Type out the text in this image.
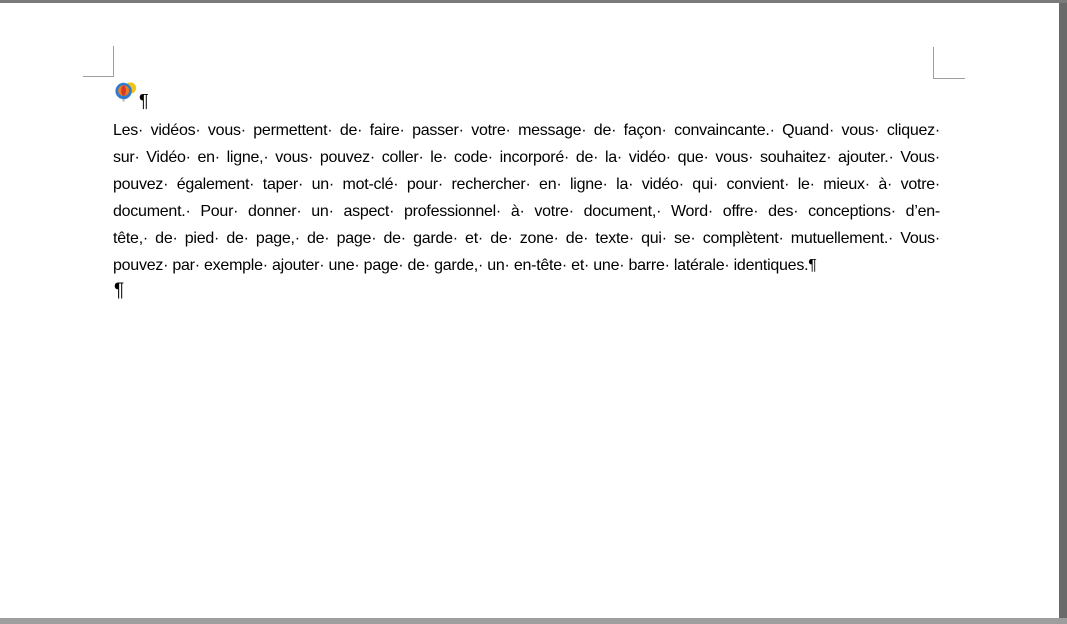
¶
Les· vidéos· vous· permettent· de· faire· passer· votre· message· de· façon· convaincante.· Quand· vous· cliquez·
sur· Vidéo· en· ligne,· vous· pouvez· coller· le· code· incorporé· de· la· vidéo· que· vous· souhaitez· ajouter.· Vous·
pouvez· également· taper· un· mot-clé· pour· rechercher· en· ligne· la· vidéo· qui· convient· le· mieux· à· votre·
document.· Pour· donner· un· aspect· professionnel· à· votre· document,· Word· offre· des· conceptions· d’en-
tête,· de· pied· de· page,· de· page· de· garde· et· de· zone· de· texte· qui· se· complètent· mutuellement.· Vous·
pouvez· par· exemple· ajouter· une· page· de· garde,· un· en-tête· et· une· barre· latérale· identiques.¶
¶
